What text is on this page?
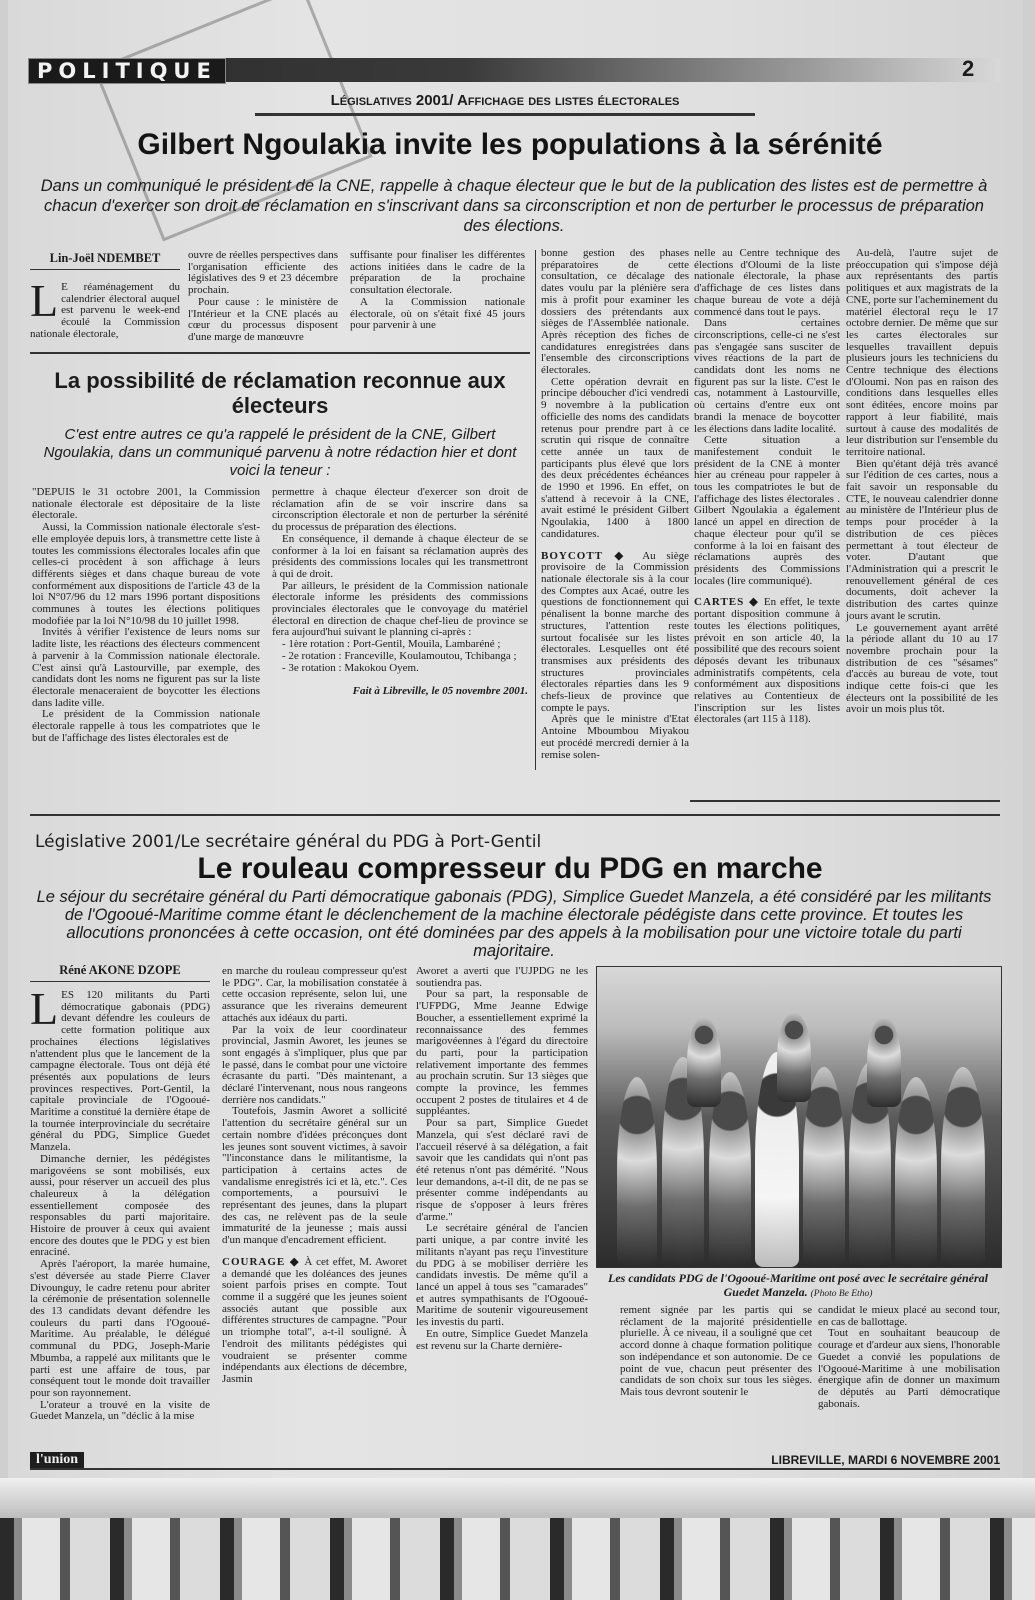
POLITIQUE	2
Législatives 2001/ Affichage des listes électorales
Gilbert Ngoulakia invite les populations à la sérénité
Dans un communiqué le président de la CNE, rappelle à chaque électeur que le but de la publication des listes est de permettre à chacun d'exercer son droit de réclamation en s'inscrivant dans sa circonscription et non de perturber le processus de préparation des élections.
Lin-Joël NDEMBET
L E réaménagement du calendrier électoral auquel est parvenu le week-end écoulé la Commission nationale électorale,

ouvre de réelles perspectives dans l'organisation efficiente des législatives des 9 et 23 décembre prochain.

Pour cause : le ministère de l'Intérieur et la CNE placés au cœur du processus disposent d'une marge de manœuvre

suffisante pour finaliser les différentes actions initiées dans le cadre de la préparation de la prochaine consultation électorale.

A la Commission nationale électorale, où on s'était fixé 45 jours pour parvenir à une

La possibilité de réclamation reconnue aux électeurs
C'est entre autres ce qu'a rappelé le président de la CNE, Gilbert Ngoulakia, dans un communiqué parvenu à notre rédaction hier et dont voici la teneur :

"DEPUIS le 31 octobre 2001, la Commission nationale électorale est dépositaire de la liste électorale.

Aussi, la Commission nationale électorale s'est-elle employée depuis lors, à transmettre cette liste à toutes les commissions électorales locales afin que celles-ci procèdent à son affichage à leurs différents sièges et dans chaque bureau de vote conformément aux dispositions de l'article 43 de la loi N°07/96 du 12 mars 1996 portant dispositions communes à toutes les élections politiques modofiée par la loi N°10/98 du 10 juillet 1998.

Invités à vérifier l'existence de leurs noms sur ladite liste, les réactions des électeurs commencent à parvenir à la Commission nationale électorale. C'est ainsi qu'à Lastourville, par exemple, des candidats dont les noms ne figurent pas sur la liste électorale menaceraient de boycotter les élections dans ladite ville.

Le président de la Commission nationale électorale rappelle à tous les compatriotes que le but de l'affichage des listes électorales est de

permettre à chaque électeur d'exercer son droit de réclamation afin de se voir inscrire dans sa circonscription électorale et non de perturber la sérénité du processus de préparation des élections.

En conséquence, il demande à chaque électeur de se conformer à la loi en faisant sa réclamation auprès des présidents des commissions locales qui les transmettront à qui de droit.

Par ailleurs, le président de la Commission nationale électorale informe les présidents des commissions provinciales électorales que le convoyage du matériel électoral en direction de chaque chef-lieu de province se fera aujourd'hui suivant le planning ci-après :

- 1ère rotation : Port-Gentil, Mouila, Lambaréné ;

- 2e rotation : Franceville, Koulamoutou, Tchibanga ;

- 3e rotation : Makokou Oyem.

Fait à Libreville, le 05 novembre 2001.

bonne gestion des phases préparatoires de cette consultation, ce décalage des dates voulu par la plénière sera mis à profit pour examiner les dossiers des prétendants aux sièges de l'Assemblée nationale. Après réception des fiches de candidatures enregistrées dans l'ensemble des circonscriptions électorales.

Cette opération devrait en principe déboucher d'ici vendredi 9 novembre à la publication officielle des noms des candidats retenus pour prendre part à ce scrutin qui risque de connaître cette année un taux de participants plus élevé que lors des deux précédentes échéances de 1990 et 1996. En effet, on s'attend à recevoir à la CNE, avait estimé le président Gilbert Ngoulakia, 1400 à 1800 candidatures.

BOYCOTT ◆ Au siège provisoire de la Commission nationale électorale sis à la cour des Comptes aux Acaé, outre les questions de fonctionnement qui pénalisent la bonne marche des structures, l'attention reste surtout focalisée sur les listes électorales. Lesquelles ont été transmises aux présidents des structures provinciales électorales réparties dans les 9 chefs-lieux de province que compte le pays.

Après que le ministre d'Etat Antoine Mboumbou Miyakou eut procédé mercredi dernier à la remise solen-

nelle au Centre technique des élections d'Oloumi de la liste nationale électorale, la phase d'affichage de ces listes dans chaque bureau de vote a déjà commencé dans tout le pays.

Dans certaines circonscriptions, celle-ci ne s'est pas s'engagée sans susciter de vives réactions de la part de candidats dont les noms ne figurent pas sur la liste. C'est le cas, notamment à Lastourville, où certains d'entre eux ont brandi la menace de boycotter les élections dans ladite localité.

Cette situation a manifestement conduit le président de la CNE à monter hier au créneau pour rappeler à tous les compatriotes le but de l'affichage des listes électorales . Gilbert Ngoulakia a également lancé un appel en direction de chaque électeur pour qu'il se conforme à la loi en faisant des réclamations auprès des présidents des Commissions locales (lire communiqué).

CARTES ◆ En effet, le texte portant disposition commune à toutes les élections politiques, prévoit en son article 40, la possibilité que des recours soient déposés devant les tribunaux administratifs compétents, cela conformément aux dispositions relatives au Contentieux de l'inscription sur les listes électorales (art 115 à 118).

Au-delà, l'autre sujet de préoccupation qui s'impose déjà aux représentants des partis politiques et aux magistrats de la CNE, porte sur l'acheminement du matériel électoral reçu le 17 octobre dernier. De même que sur les cartes électorales sur lesquelles travaillent depuis plusieurs jours les techniciens du Centre technique des élections d'Oloumi. Non pas en raison des conditions dans lesquelles elles sont éditées, encore moins par rapport à leur fiabilité, mais surtout à cause des modalités de leur distribution sur l'ensemble du territoire national.

Bien qu'étant déjà très avancé sur l'édition de ces cartes, nous a fait savoir un responsable du CTE, le nouveau calendrier donne au ministère de l'Intérieur plus de temps pour procéder à la distribution de ces pièces permettant à tout électeur de voter. D'autant que l'Administration qui a prescrit le renouvellement général de ces documents, doit achever la distribution des cartes quinze jours avant le scrutin.

Le gouvernement ayant arrêté la période allant du 10 au 17 novembre prochain pour la distribution de ces "sésames" d'accès au bureau de vote, tout indique cette fois-ci que les électeurs ont la possibilité de les avoir un mois plus tôt.

Législative 2001/Le secrétaire général du PDG à Port-Gentil
Le rouleau compresseur du PDG en marche
Le séjour du secrétaire général du Parti démocratique gabonais (PDG), Simplice Guedet Manzela, a été considéré par les militants de l'Ogooué-Maritime comme étant le déclenchement de la machine électorale pédégiste dans cette province. Et toutes les allocutions prononcées à cette occasion, ont été dominées par des appels à la mobilisation pour une victoire totale du parti majoritaire.
Réné AKONE DZOPE
L ES 120 militants du Parti démocratique gabonais (PDG) devant défendre les couleurs de cette formation politique aux prochaines élections législatives n'attendent plus que le lancement de la campagne électorale. Tous ont déjà été présentés aux populations de leurs provinces respectives. Port-Gentil, la capitale provinciale de l'Ogooué-Maritime a constitué la dernière étape de la tournée interprovinciale du secrétaire général du PDG, Simplice Guedet Manzela.

Dimanche dernier, les pédégistes marigovéens se sont mobilisés, eux aussi, pour réserver un accueil des plus chaleureux à la délégation essentiellement composée des responsables du parti majoritaire. Histoire de prouver à ceux qui avaient encore des doutes que le PDG y est bien enraciné.

Après l'aéroport, la marée humaine, s'est déversée au stade Pierre Claver Divounguy, le cadre retenu pour abriter la cérémonie de présentation solennelle des 13 candidats devant défendre les couleurs du parti dans l'Ogooué-Maritime. Au préalable, le délégué communal du PDG, Joseph-Marie Mbumba, a rappelé aux militants que le parti est une affaire de tous, par conséquent tout le monde doit travailler pour son rayonnement.

L'orateur a trouvé en la visite de Guedet Manzela, un "déclic à la mise

en marche du rouleau compresseur qu'est le PDG". Car, la mobilisation constatée à cette occasion représente, selon lui, une assurance que les riverains demeurent attachés aux idéaux du parti.

Par la voix de leur coordinateur provincial, Jasmin Aworet, les jeunes se sont engagés à s'impliquer, plus que par le passé, dans le combat pour une victoire écrasante du parti. "Dès maintenant, a déclaré l'intervenant, nous nous rangeons derrière nos candidats."

Toutefois, Jasmin Aworet a sollicité l'attention du secrétaire général sur un certain nombre d'idées préconçues dont les jeunes sont souvent victimes, à savoir "l'inconstance dans le militantisme, la participation à certains actes de vandalisme enregistrés ici et là, etc.". Ces comportements, a poursuivi le représentant des jeunes, dans la plupart des cas, ne relèvent pas de la seule immaturité de la jeunesse ; mais aussi d'un manque d'encadrement efficient.

COURAGE ◆ À cet effet, M. Aworet a demandé que les doléances des jeunes soient parfois prises en compte. Tout comme il a suggéré que les jeunes soient associés autant que possible aux différentes structures de campagne. "Pour un triomphe total", a-t-il souligné. À l'endroit des militants pédégistes qui voudraient se présenter comme indépendants aux élections de décembre, Jasmin

Aworet a averti que l'UJPDG ne les soutiendra pas.

Pour sa part, la responsable de l'UFPDG, Mme Jeanne Edwige Boucher, a essentiellement exprimé la reconnaissance des femmes marigovéennes à l'égard du directoire du parti, pour la participation relativement importante des femmes au prochain scrutin. Sur 13 sièges que compte la province, les femmes occupent 2 postes de titulaires et 4 de suppléantes.

Pour sa part, Simplice Guedet Manzela, qui s'est déclaré ravi de l'accueil réservé à sa délégation, a fait savoir que les candidats qui n'ont pas été retenus n'ont pas démérité. "Nous leur demandons, a-t-il dit, de ne pas se présenter comme indépendants au risque de s'opposer à leurs frères d'arme."

Le secrétaire général de l'ancien parti unique, a par contre invité les militants n'ayant pas reçu l'investiture du PDG à se mobiliser derrière les candidats investis. De même qu'il a lancé un appel à tous ses "camarades" et autres sympathisants de l'Ogooué-Maritime de soutenir vigoureusement les investis du parti.

En outre, Simplice Guedet Manzela est revenu sur la Charte dernière-

Les candidats PDG de l'Ogooué-Maritime ont posé avec le secrétaire général Guedet Manzela. (Photo Be Etho)

rement signée par les partis qui se réclament de la majorité présidentielle plurielle. À ce niveau, il a souligné que cet accord donne à chaque formation politique son indépendance et son autonomie. De ce point de vue, chacun peut présenter des candidats de son choix sur tous les sièges. Mais tous devront soutenir le

candidat le mieux placé au second tour, en cas de ballottage.

Tout en souhaitant beaucoup de courage et d'ardeur aux siens, l'honorable Guedet a convié les populations de l'Ogooué-Maritime à une mobilisation énergique afin de donner un maximum de députés au Parti démocratique gabonais.

l'union	LIBREVILLE, MARDI 6 NOVEMBRE 2001
